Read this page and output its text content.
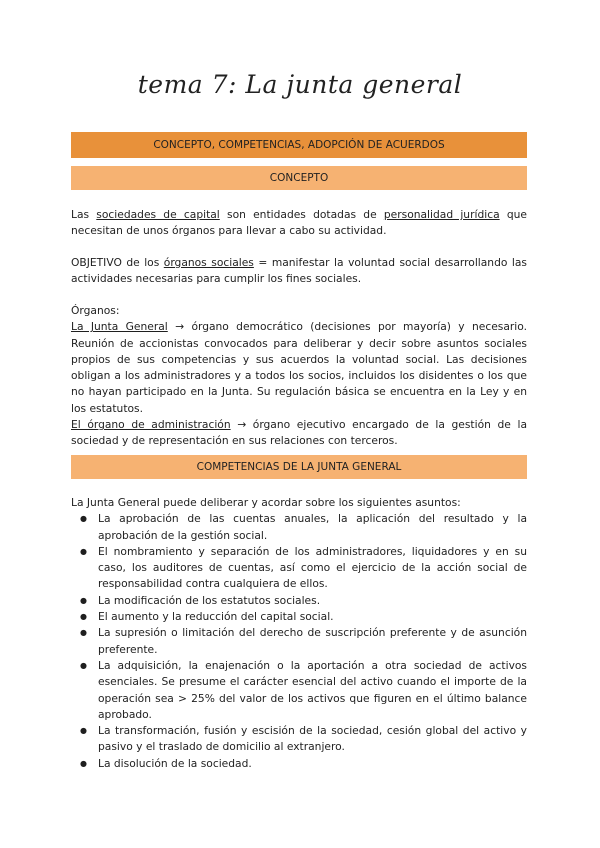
tema 7: La junta general
CONCEPTO, COMPETENCIAS, ADOPCIÓN DE ACUERDOS
CONCEPTO

Las sociedades de capital son entidades dotadas de personalidad jurídica que necesitan de unos órganos para llevar a cabo su actividad.

OBJETIVO de los órganos sociales = manifestar la voluntad social desarrollando las actividades necesarias para cumplir los fines sociales.

Órganos:

La Junta General → órgano democrático (decisiones por mayoría) y necesario. Reunión de accionistas convocados para deliberar y decir sobre asuntos sociales propios de sus competencias y sus acuerdos la voluntad social. Las decisiones obligan a los administradores y a todos los socios, incluidos los disidentes o los que no hayan participado en la Junta. Su regulación básica se encuentra en la Ley y en los estatutos.

El órgano de administración → órgano ejecutivo encargado de la gestión de la sociedad y de representación en sus relaciones con terceros.

COMPETENCIAS DE LA JUNTA GENERAL

La Junta General puede deliberar y acordar sobre los siguientes asuntos:

● La aprobación de las cuentas anuales, la aplicación del resultado y la aprobación de la gestión social.
● El nombramiento y separación de los administradores, liquidadores y en su caso, los auditores de cuentas, así como el ejercicio de la acción social de responsabilidad contra cualquiera de ellos.
● La modificación de los estatutos sociales.
● El aumento y la reducción del capital social.
● La supresión o limitación del derecho de suscripción preferente y de asunción preferente.
● La adquisición, la enajenación o la aportación a otra sociedad de activos esenciales. Se presume el carácter esencial del activo cuando el importe de la operación sea > 25% del valor de los activos que figuren en el último balance aprobado.
● La transformación, fusión y escisión de la sociedad, cesión global del activo y pasivo y el traslado de domicilio al extranjero.
● La disolución de la sociedad.
